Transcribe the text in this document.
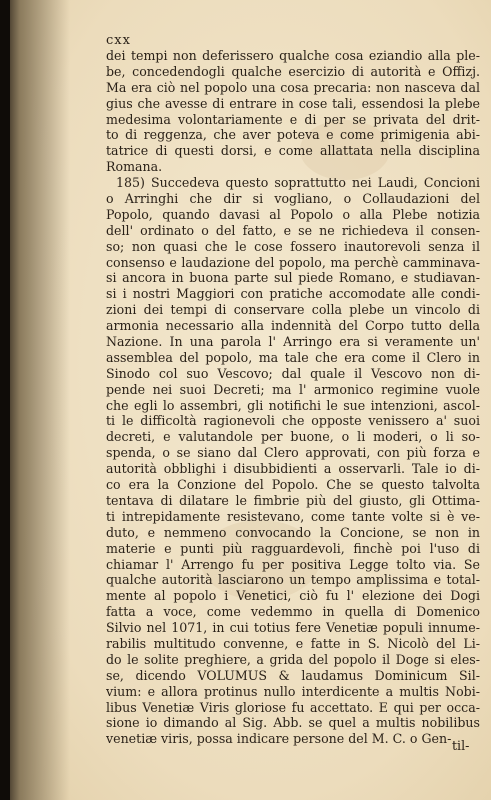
cxx
dei tempi non deferissero qualche cosa eziandio alla ple-
be, concedendogli qualche esercizio di autorità e Offizj.
Ma era ciò nel popolo una cosa precaria: non nasceva dal
gius che avesse di entrare in cose tali, essendosi la plebe
medesima volontariamente e di per se privata del drit-
to di reggenza, che aver poteva e come primigenia abi-
tatrice di questi dorsi, e come allattata nella disciplina
Romana.
185) Succedeva questo soprattutto nei Laudi, Concioni
o Arringhi che dir si vogliano, o Collaudazioni del
Popolo, quando davasi al Popolo o alla Plebe notizia
dell' ordinato o del fatto, e se ne richiedeva il consen-
so; non quasi che le cose fossero inautorevoli senza il
consenso e laudazione del popolo, ma perchè camminava-
si ancora in buona parte sul piede Romano, e studiavan-
si i nostri Maggiori con pratiche accomodate alle condi-
zioni dei tempi di conservare colla plebe un vincolo di
armonia necessario alla indennità del Corpo tutto della
Nazione. In una parola l' Arringo era si veramente un'
assemblea del popolo, ma tale che era come il Clero in
Sinodo col suo Vescovo; dal quale il Vescovo non di-
pende nei suoi Decreti; ma l' armonico regimine vuole
che egli lo assembri, gli notifichi le sue intenzioni, ascol-
ti le difficoltà ragionevoli che opposte venissero a' suoi
decreti, e valutandole per buone, o li moderi, o li so-
spenda, o se siano dal Clero approvati, con più forza e
autorità obblighi i disubbidienti a osservarli. Tale io di-
co era la Conzione del Popolo. Che se questo talvolta
tentava di dilatare le fimbrie più del giusto, gli Ottima-
ti intrepidamente resistevano, come tante volte si è ve-
duto, e nemmeno convocando la Concione, se non in
materie e punti più ragguardevoli, finchè poi l'uso di
chiamar l' Arrengo fu per positiva Legge tolto via. Se
qualche autorità lasciarono un tempo amplissima e total-
mente al popolo i Venetici, ciò fu l' elezione dei Dogi
fatta a voce, come vedemmo in quella di Domenico
Silvio nel 1071, in cui totius fere Venetiæ populi innume-
rabilis multitudo convenne, e fatte in S. Nicolò del Li-
do le solite preghiere, a grida del popolo il Doge si eles-
se, dicendo VOLUMUS & laudamus Dominicum Sil-
vium: e allora protinus nullo interdicente a multis Nobi-
libus Venetiæ Viris gloriose fu accettato. E qui per occa-
sione io dimando al Sig. Abb. se quel a multis nobilibus
venetiæ viris, possa indicare persone del M. C. o Gen- til-
